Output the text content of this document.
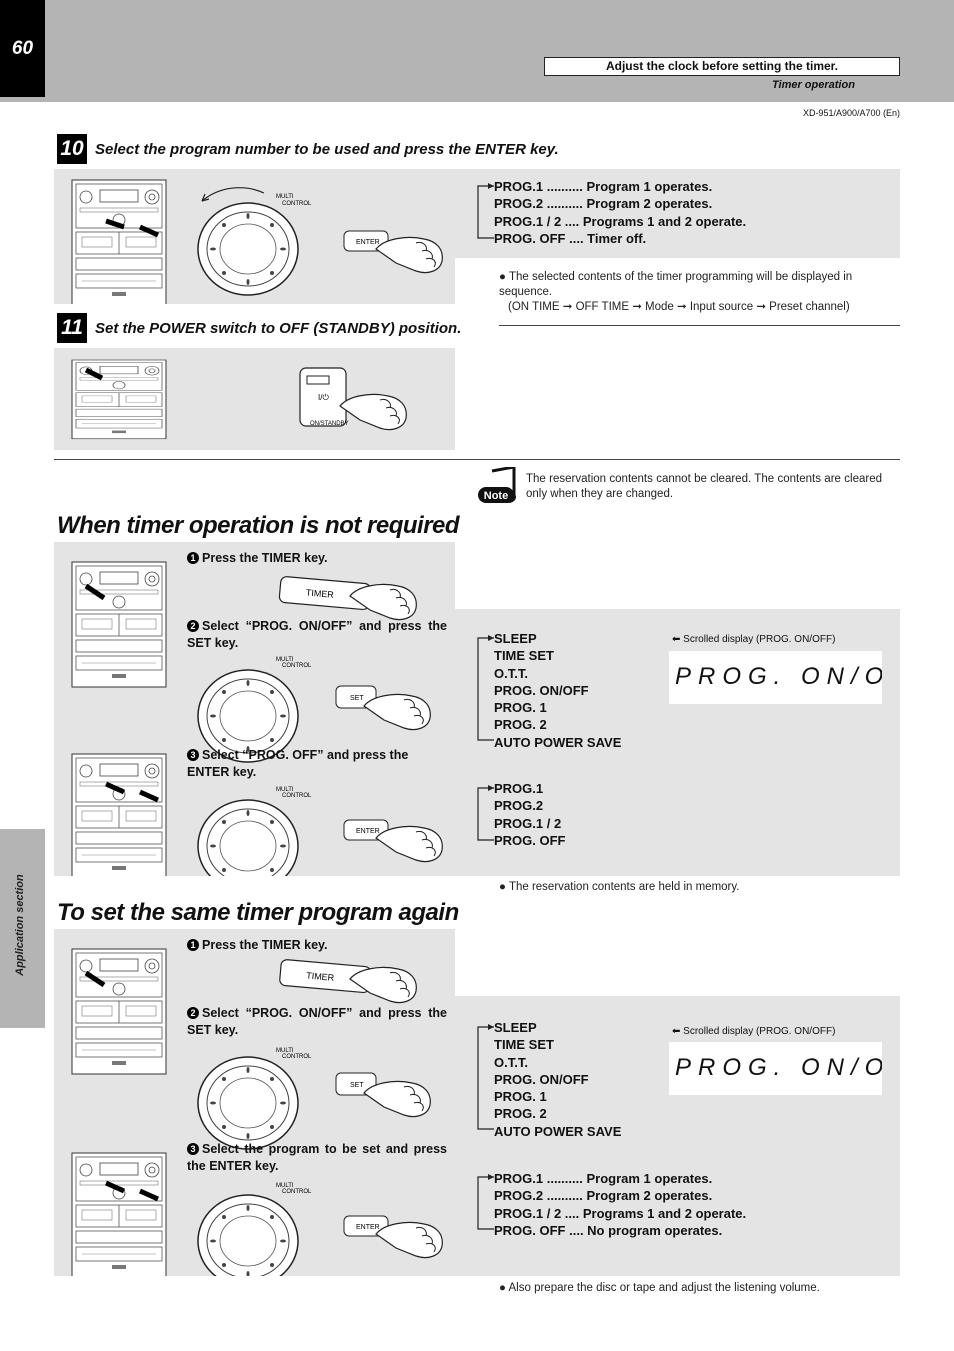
60
Adjust the clock before setting the timer.
Timer operation
XD-951/A900/A700 (En)
Application section
10 Select the program number to be used and press the ENTER key.
MULTI
CONTROL
ENTER
PROG.1 .......... Program 1 operates.
PROG.2 .......... Program 2 operates.
PROG.1 / 2 .... Programs 1 and 2 operate.
PROG. OFF .... Timer off.
● The selected contents of the timer programming will be displayed in sequence.
(ON TIME ➞ OFF TIME ➞ Mode ➞ Input source ➞ Preset channel)
11 Set the POWER switch to OFF (STANDBY) position.
I/⏻
ON/STANDBY
Note
The reservation contents cannot be cleared. The contents are cleared only when they are changed.
When timer operation is not required
TIMER
MULTI
CONTROL
SET
MULTI
CONTROL
ENTER
1 Press the TIMER key.
2 Select “PROG. ON/OFF” and press the SET key.
3 Select “PROG. OFF” and press the ENTER key.
SLEEP
TIME SET
O.T.T.
PROG. ON/OFF
PROG. 1
PROG. 2
AUTO POWER SAVE
⬅ Scrolled display (PROG. ON/OFF)
PROG. ON/O
PROG.1
PROG.2
PROG.1 / 2
PROG. OFF
● The reservation contents are held in memory.
To set the same timer program again
TIMER
MULTI
CONTROL
SET
MULTI
CONTROL
ENTER
1 Press the TIMER key.
2 Select “PROG. ON/OFF” and press the SET key.
3 Select the program to be set and press the ENTER key.
SLEEP
TIME SET
O.T.T.
PROG. ON/OFF
PROG. 1
PROG. 2
AUTO POWER SAVE
⬅ Scrolled display (PROG. ON/OFF)
PROG. ON/O
PROG.1 .......... Program 1 operates.
PROG.2 .......... Program 2 operates.
PROG.1 / 2 .... Programs 1 and 2 operate.
PROG. OFF .... No program operates.
● Also prepare the disc or tape and adjust the listening volume.
